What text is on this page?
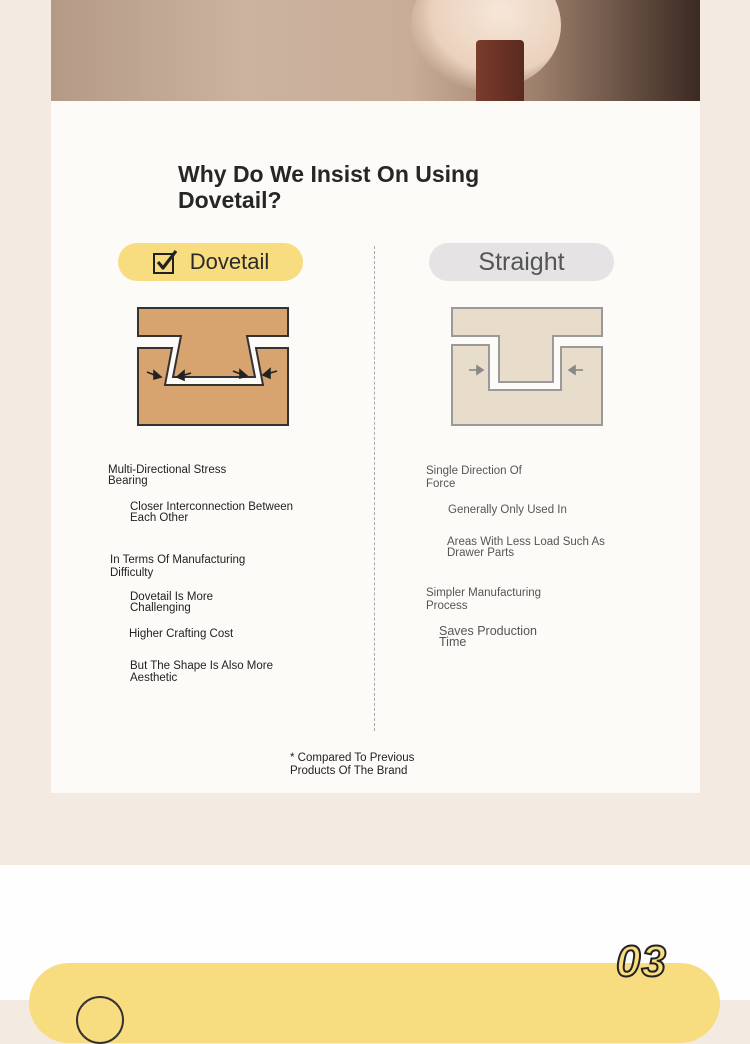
Why Do We Insist On Using Dovetail?
Dovetail	Straight

Multi-Directional Stress
Bearing

Closer Interconnection Between
Each Other

In Terms Of Manufacturing
Difficulty

Dovetail Is More
Challenging

Higher Crafting Cost

But The Shape Is Also More
Aesthetic

Single Direction Of
Force

Generally Only Used In

Areas With Less Load Such As
Drawer Parts

Simpler Manufacturing
Process

Saves Production
Time

* Compared To Previous
Products Of The Brand

03
